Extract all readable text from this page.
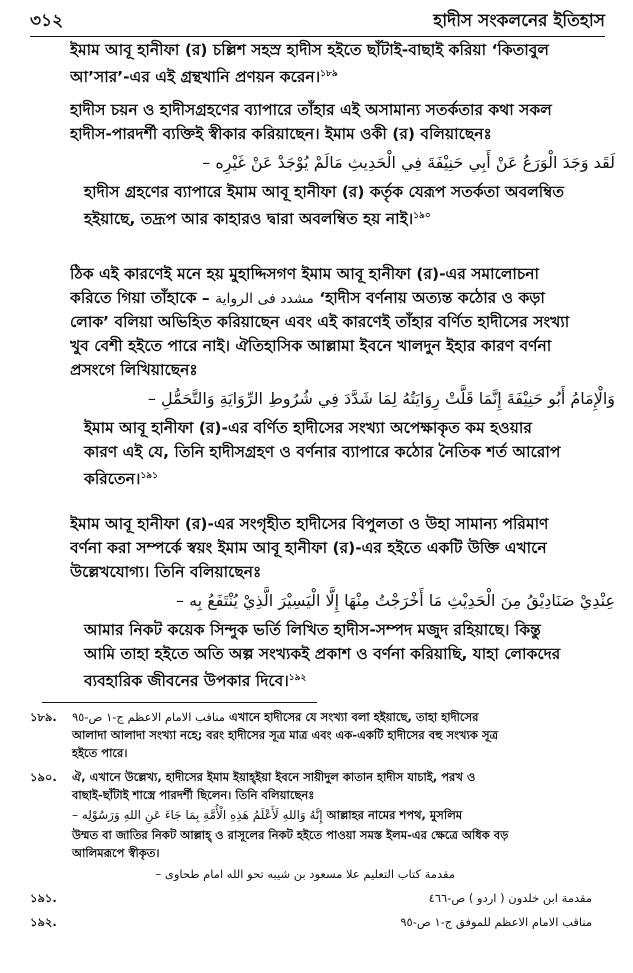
৩১২	হাদীস সংকলনের ইতিহাস
ইমাম আবূ হানীফা (র) চল্লিশ সহস্র হাদীস হইতে ছাঁটাই-বাছাই করিয়া ‘কিতাবুল
আ’সার’-এর এই গ্রন্থখানি প্রণয়ন করেন।$^{১৮৯}$
হাদীস চয়ন ও হাদীসগ্রহণের ব্যাপারে তাঁহার এই অসামান্য সতর্কতার কথা সকল
হাদীস-পারদর্শী ব্যক্তিই স্বীকার করিয়াছেন। ইমাম ওকী (র) বলিয়াছেনঃ
لَقَد وَجَدَ الْوَرَعُ عَنْ أَبِي حَنِيْفَةَ فِي الْحَدِيثِ مَالَمْ يُوْجَدْ عَنْ غَيْرِه –
হাদীস গ্রহণের ব্যাপারে ইমাম আবূ হানীফা (র) কর্তৃক যেরূপ সতর্কতা অবলম্বিত
হইয়াছে, তদ্রূপ আর কাহারও দ্বারা অবলম্বিত হয় নাই।$^{১৯০}$
ঠিক এই কারণেই মনে হয় মুহাদ্দিসগণ ইমাম আবূ হানীফা (র)-এর সমালোচনা
করিতে গিয়া তাঁহাকে – مشدد فى الرواية ‘হাদীস বর্ণনায় অত্যন্ত কঠোর ও কড়া
লোক’ বলিয়া অভিহিত করিয়াছেন এবং এই কারণেই তাঁহার বর্ণিত হাদীসের সংখ্যা
খুব বেশী হইতে পারে নাই। ঐতিহাসিক আল্লামা ইবনে খালদুন ইহার কারণ বর্ণনা
প্রসংগে লিখিয়াছেনঃ
وَالْإِمَامُ أَبُو حَنِيْفَةَ إِنَّمَا قَلَّتْ رِوَايَتُهُ لِمَا شَدَّدَ فِي شُرُوطِ الرِّوَايَةِ وَالتَّحَمُّلِ –
ইমাম আবূ হানীফা (র)-এর বর্ণিত হাদীসের সংখ্যা অপেক্ষাকৃত কম হওয়ার
কারণ এই যে, তিনি হাদীসগ্রহণ ও বর্ণনার ব্যাপারে কঠোর নৈতিক শর্ত আরোপ
করিতেন।$^{১৯১}$
ইমাম আবূ হানীফা (র)-এর সংগৃহীত হাদীসের বিপুলতা ও উহা সামান্য পরিমাণ
বর্ণনা করা সম্পর্কে স্বয়ং ইমাম আবূ হানীফা (র)-এর হইতে একটি উক্তি এখানে
উল্লেখযোগ্য। তিনি বলিয়াছেনঃ
عِنْدِيْ صَنَادِيْقُ مِنَ الْحَدِيْثِ مَا أَخْرَجْتُ مِنْهَا إِلَّا الْيَسِيْرَ الَّذِيْ يُنْتَفَعُ بِه –
আমার নিকট কয়েক সিন্দুক ভর্তি লিখিত হাদীস-সম্পদ মজুদ রহিয়াছে। কিন্তু
আমি তাহা হইতে অতি অল্প সংখ্যকই প্রকাশ ও বর্ণনা করিয়াছি, যাহা লোকদের
ব্যবহারিক জীবনের উপকার দিবে।$^{১৯২}$
১৮৯. مناقب الامام الاعظم ج-١ ص-٩٥ এখানে হাদীসের যে সংখ্যা বলা হইয়াছে, তাহা হাদীসের
আলাদা আলাদা সংখ্যা নহে; বরং হাদীসের সূত্র মাত্র এবং এক-একটি হাদীসের বহু সংখ্যক সূত্র
হইতে পারে।
১৯০. ঐ, এখানে উল্লেখ্য, হাদীসের ইমাম ইয়াহ্ইয়া ইবনে সায়ীদুল কাতান হাদীস যাচাই, পরখ ও
বাছাই-ছাঁটাই শাস্ত্রে পারদর্শী ছিলেন। তিনি বলিয়াছেনঃ
إِنَّهُ وَاللهِ لَأَعْلَمُ هَذِهِ الْأُمَّةِ بِمَا جَاءَ عَنِ اللهِ وَرَسُوْلِه – আল্লাহর নামের শপথ, মুসলিম
উম্মত বা জাতির নিকট আল্লাহ্ ও রাসূলের নিকট হইতে পাওয়া সমস্ত ইলম-এর ক্ষেত্রে অধিক বড়
আলিমরূপে স্বীকৃত।
مقدمة كتاب التعليم علا مسعود بن شيبه تحو الله امام طحاوى –
১৯১.	مقدمة ابن خلدون ( اردو ) ص-٤٦٦
১৯২.	مناقب الامام الاعظم للموفق ج-١ ص-٩٥
